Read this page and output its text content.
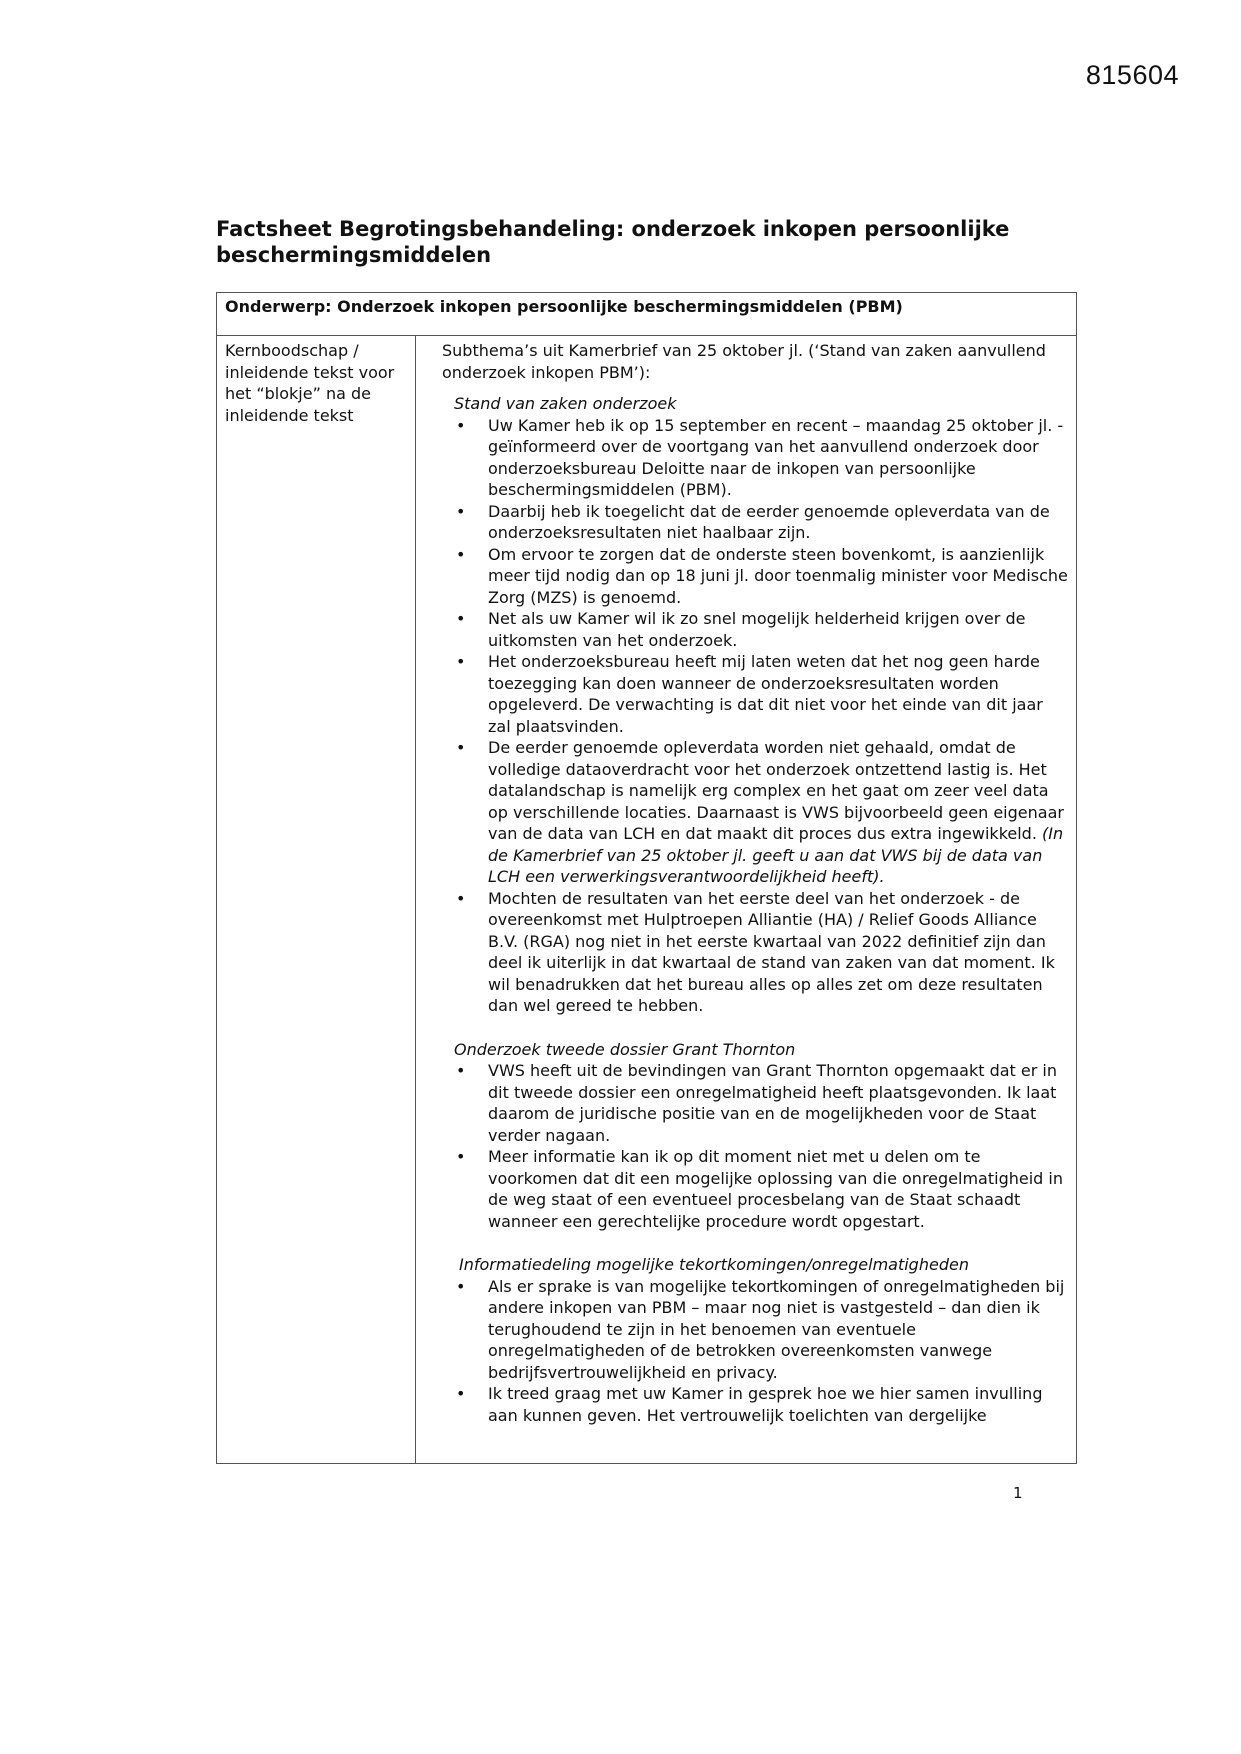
815604
Factsheet Begrotingsbehandeling: onderzoek inkopen persoonlijke beschermingsmiddelen
Onderwerp: Onderzoek inkopen persoonlijke beschermingsmiddelen (PBM)
Kernboodschap / inleidende tekst voor het “blokje” na de inleidende tekst

Subthema’s uit Kamerbrief van 25 oktober jl. (‘Stand van zaken aanvullend onderzoek inkopen PBM’):

Stand van zaken onderzoek

• Uw Kamer heb ik op 15 september en recent – maandag 25 oktober jl. - geïnformeerd over de voortgang van het aanvullend onderzoek door onderzoeksbureau Deloitte naar de inkopen van persoonlijke beschermingsmiddelen (PBM).
• Daarbij heb ik toegelicht dat de eerder genoemde opleverdata van de onderzoeksresultaten niet haalbaar zijn.
• Om ervoor te zorgen dat de onderste steen bovenkomt, is aanzienlijk meer tijd nodig dan op 18 juni jl. door toenmalig minister voor Medische Zorg (MZS) is genoemd.
• Net als uw Kamer wil ik zo snel mogelijk helderheid krijgen over de uitkomsten van het onderzoek.
• Het onderzoeksbureau heeft mij laten weten dat het nog geen harde toezegging kan doen wanneer de onderzoeksresultaten worden opgeleverd. De verwachting is dat dit niet voor het einde van dit jaar zal plaatsvinden.
• De eerder genoemde opleverdata worden niet gehaald, omdat de volledige dataoverdracht voor het onderzoek ontzettend lastig is. Het datalandschap is namelijk erg complex en het gaat om zeer veel data op verschillende locaties. Daarnaast is VWS bijvoorbeeld geen eigenaar van de data van LCH en dat maakt dit proces dus extra ingewikkeld. (In de Kamerbrief van 25 oktober jl. geeft u aan dat VWS bij de data van LCH een verwerkingsverantwoordelijkheid heeft).
• Mochten de resultaten van het eerste deel van het onderzoek - de overeenkomst met Hulptroepen Alliantie (HA) / Relief Goods Alliance B.V. (RGA) nog niet in het eerste kwartaal van 2022 definitief zijn dan deel ik uiterlijk in dat kwartaal de stand van zaken van dat moment. Ik wil benadrukken dat het bureau alles op alles zet om deze resultaten dan wel gereed te hebben.

Onderzoek tweede dossier Grant Thornton

• VWS heeft uit de bevindingen van Grant Thornton opgemaakt dat er in dit tweede dossier een onregelmatigheid heeft plaatsgevonden. Ik laat daarom de juridische positie van en de mogelijkheden voor de Staat verder nagaan.
• Meer informatie kan ik op dit moment niet met u delen om te voorkomen dat dit een mogelijke oplossing van die onregelmatigheid in de weg staat of een eventueel procesbelang van de Staat schaadt wanneer een gerechtelijke procedure wordt opgestart.

Informatiedeling mogelijke tekortkomingen/onregelmatigheden

• Als er sprake is van mogelijke tekortkomingen of onregelmatigheden bij andere inkopen van PBM – maar nog niet is vastgesteld – dan dien ik terughoudend te zijn in het benoemen van eventuele onregelmatigheden of de betrokken overeenkomsten vanwege bedrijfsvertrouwelijkheid en privacy.
• Ik treed graag met uw Kamer in gesprek hoe we hier samen invulling aan kunnen geven. Het vertrouwelijk toelichten van dergelijke
1
